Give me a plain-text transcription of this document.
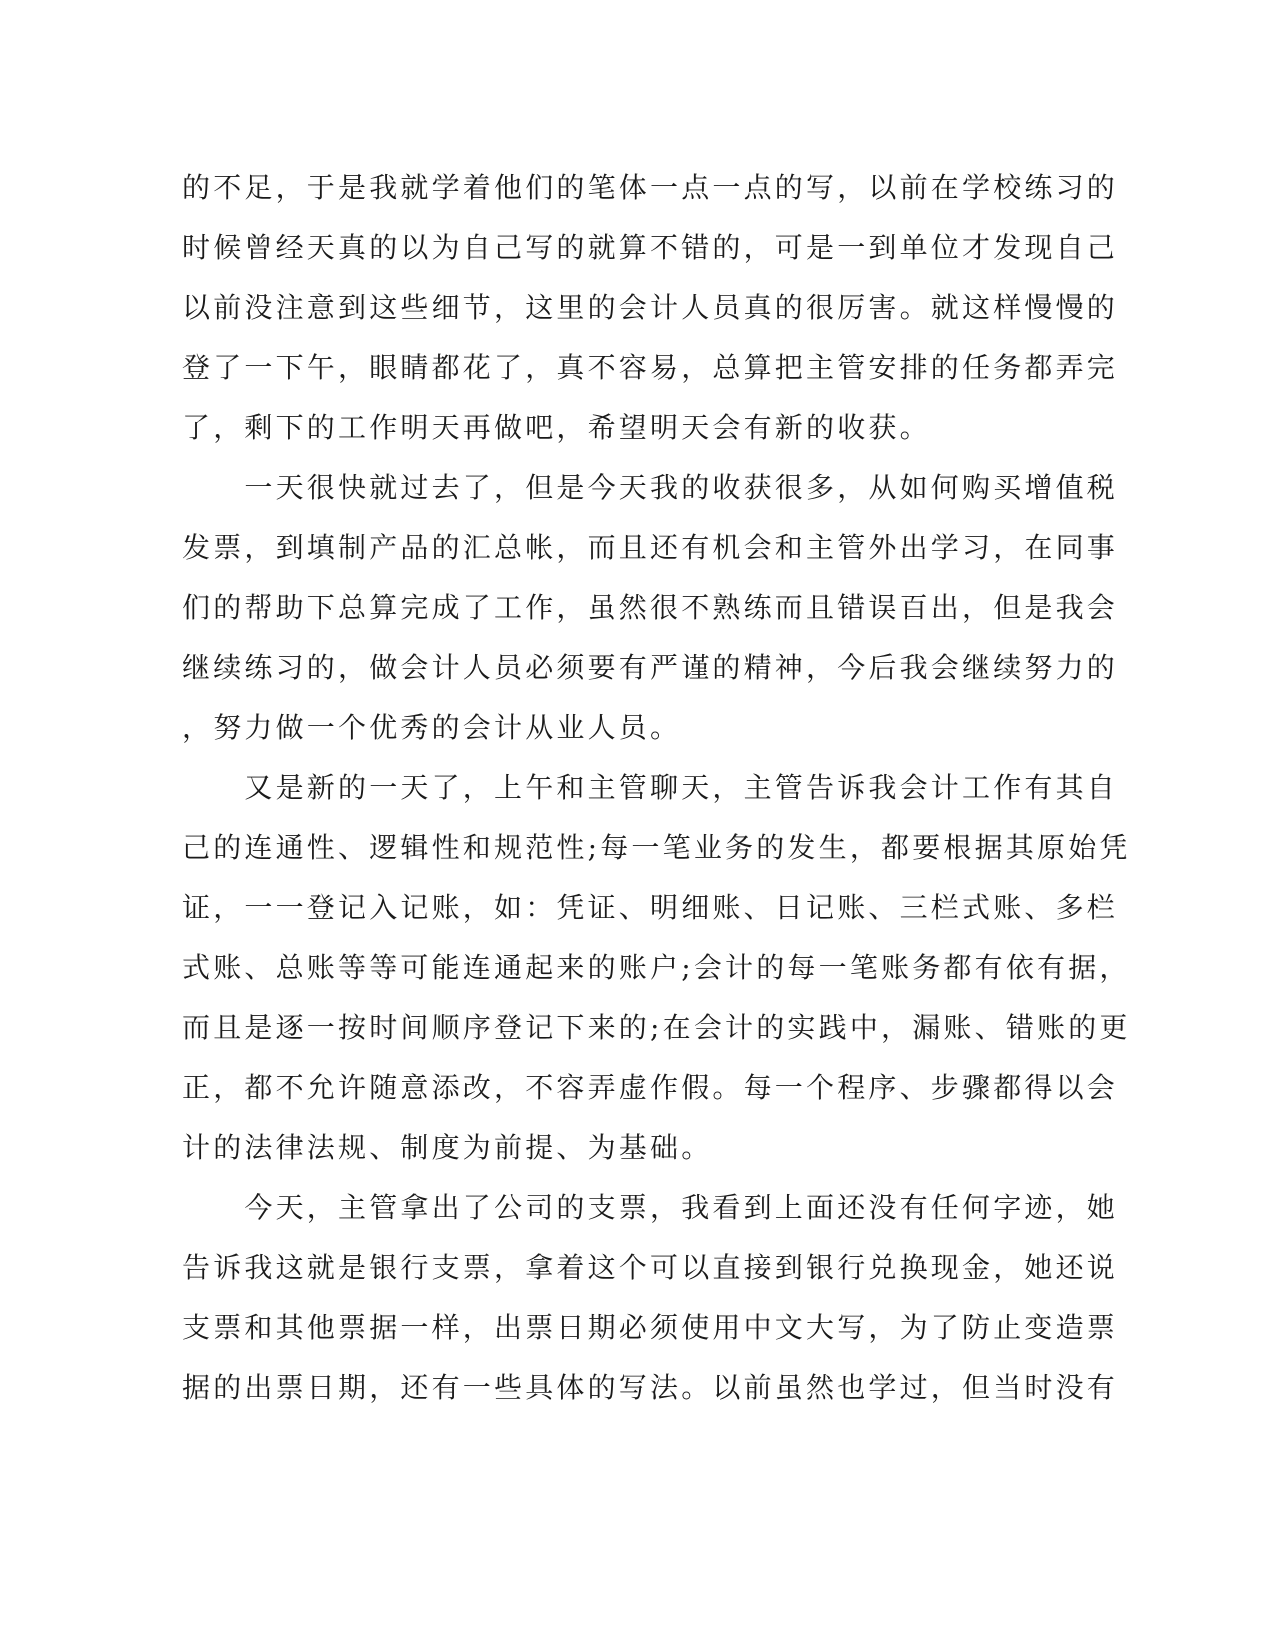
的不足，于是我就学着他们的笔体一点一点的写，以前在学校练习的
时候曾经天真的以为自己写的就算不错的，可是一到单位才发现自己
以前没注意到这些细节，这里的会计人员真的很厉害。就这样慢慢的
登了一下午，眼睛都花了，真不容易，总算把主管安排的任务都弄完
了，剩下的工作明天再做吧，希望明天会有新的收获。
　　一天很快就过去了，但是今天我的收获很多，从如何购买增值税
发票，到填制产品的汇总帐，而且还有机会和主管外出学习，在同事
们的帮助下总算完成了工作，虽然很不熟练而且错误百出，但是我会
继续练习的，做会计人员必须要有严谨的精神，今后我会继续努力的
，努力做一个优秀的会计从业人员。
　　又是新的一天了，上午和主管聊天，主管告诉我会计工作有其自
己的连通性、逻辑性和规范性;每一笔业务的发生，都要根据其原始凭
证，一一登记入记账，如：凭证、明细账、日记账、三栏式账、多栏
式账、总账等等可能连通起来的账户;会计的每一笔账务都有依有据，
而且是逐一按时间顺序登记下来的;在会计的实践中，漏账、错账的更
正，都不允许随意添改，不容弄虚作假。每一个程序、步骤都得以会
计的法律法规、制度为前提、为基础。
　　今天，主管拿出了公司的支票，我看到上面还没有任何字迹，她
告诉我这就是银行支票，拿着这个可以直接到银行兑换现金，她还说
支票和其他票据一样，出票日期必须使用中文大写，为了防止变造票
据的出票日期，还有一些具体的写法。以前虽然也学过，但当时没有
